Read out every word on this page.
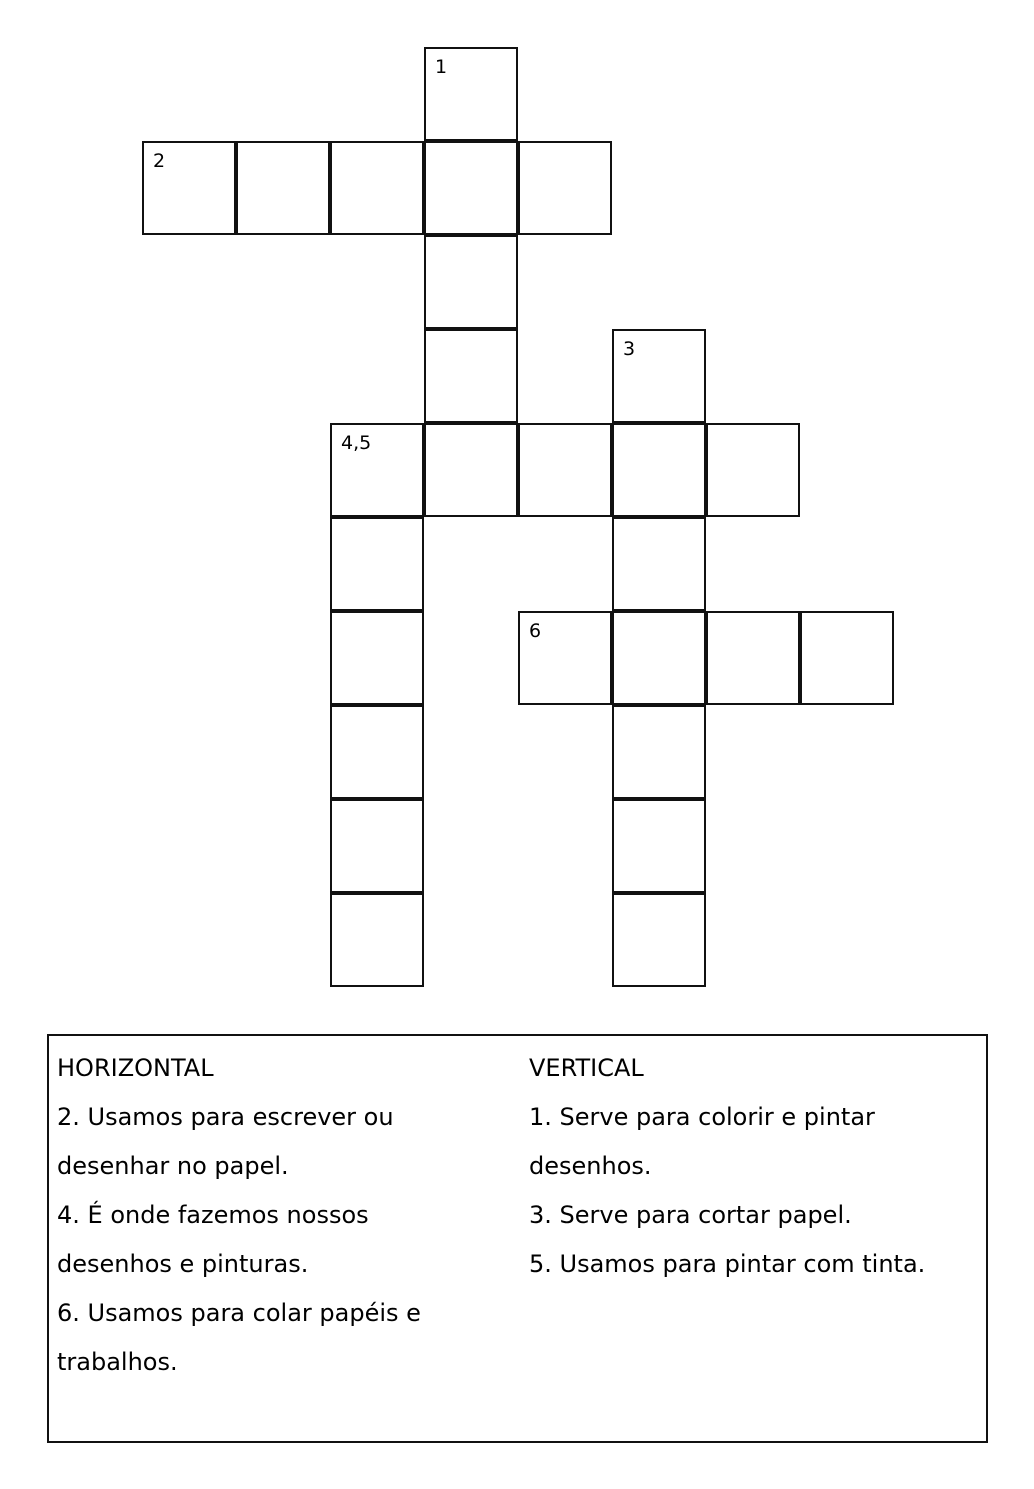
1
2
3
4,5
6
HORIZONTAL
2. Usamos para escrever ou
desenhar no papel.
4. É onde fazemos nossos
desenhos e pinturas.
6. Usamos para colar papéis e
trabalhos.
VERTICAL
1. Serve para colorir e pintar
desenhos.
3. Serve para cortar papel.
5. Usamos para pintar com tinta.
